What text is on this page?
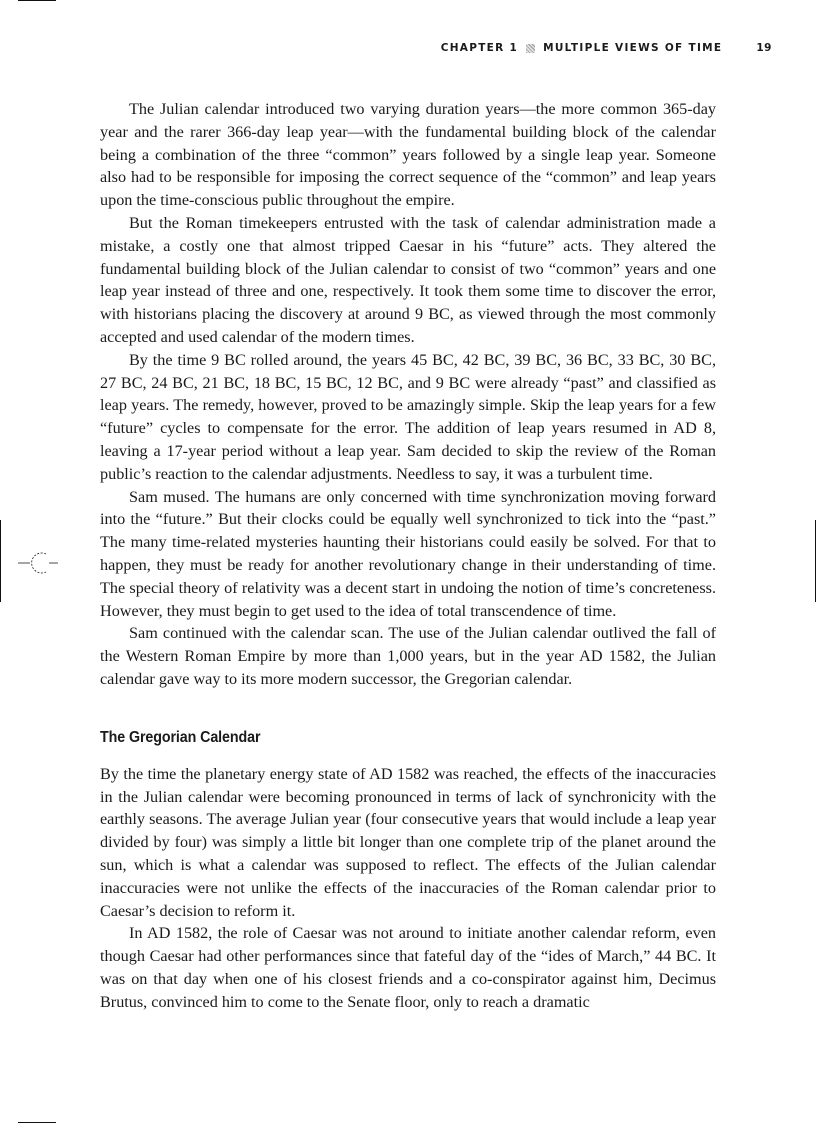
CHAPTER 1 MULTIPLE VIEWS OF TIME	19

The Julian calendar introduced two varying duration years—the more common 365-day year and the rarer 366-day leap year—with the fundamental building block of the calendar being a combination of the three “common” years followed by a single leap year. Someone also had to be responsible for imposing the correct sequence of the “common” and leap years upon the time-conscious public throughout the empire.

But the Roman timekeepers entrusted with the task of calendar administration made a mistake, a costly one that almost tripped Caesar in his “future” acts. They altered the fundamental building block of the Julian calendar to consist of two “common” years and one leap year instead of three and one, respectively. It took them some time to discover the error, with historians placing the discovery at around 9 BC, as viewed through the most commonly accepted and used calendar of the modern times.

By the time 9 BC rolled around, the years 45 BC, 42 BC, 39 BC, 36 BC, 33 BC, 30 BC, 27 BC, 24 BC, 21 BC, 18 BC, 15 BC, 12 BC, and 9 BC were already “past” and classified as leap years. The remedy, however, proved to be amazingly simple. Skip the leap years for a few “future” cycles to compensate for the error. The addition of leap years resumed in AD 8, leaving a 17-year period without a leap year. Sam decided to skip the review of the Roman public’s reaction to the calendar adjustments. Needless to say, it was a turbulent time.

Sam mused. The humans are only concerned with time synchronization moving forward into the “future.” But their clocks could be equally well synchronized to tick into the “past.” The many time-related mysteries haunting their historians could easily be solved. For that to happen, they must be ready for another revolutionary change in their understanding of time. The special theory of relativity was a decent start in undoing the notion of time’s concreteness. However, they must begin to get used to the idea of total transcendence of time.

Sam continued with the calendar scan. The use of the Julian calendar outlived the fall of the Western Roman Empire by more than 1,000 years, but in the year AD 1582, the Julian calendar gave way to its more modern successor, the Gregorian calendar.

The Gregorian Calendar

By the time the planetary energy state of AD 1582 was reached, the effects of the inaccuracies in the Julian calendar were becoming pronounced in terms of lack of synchronicity with the earthly seasons. The average Julian year (four consecutive years that would include a leap year divided by four) was simply a little bit longer than one complete trip of the planet around the sun, which is what a calendar was supposed to reflect. The effects of the Julian calendar inaccuracies were not unlike the effects of the inaccuracies of the Roman calendar prior to Caesar’s decision to reform it.

In AD 1582, the role of Caesar was not around to initiate another calendar reform, even though Caesar had other performances since that fateful day of the “ides of March,” 44 BC. It was on that day when one of his closest friends and a co-conspirator against him, Decimus Brutus, convinced him to come to the Senate floor, only to reach a dramatic
